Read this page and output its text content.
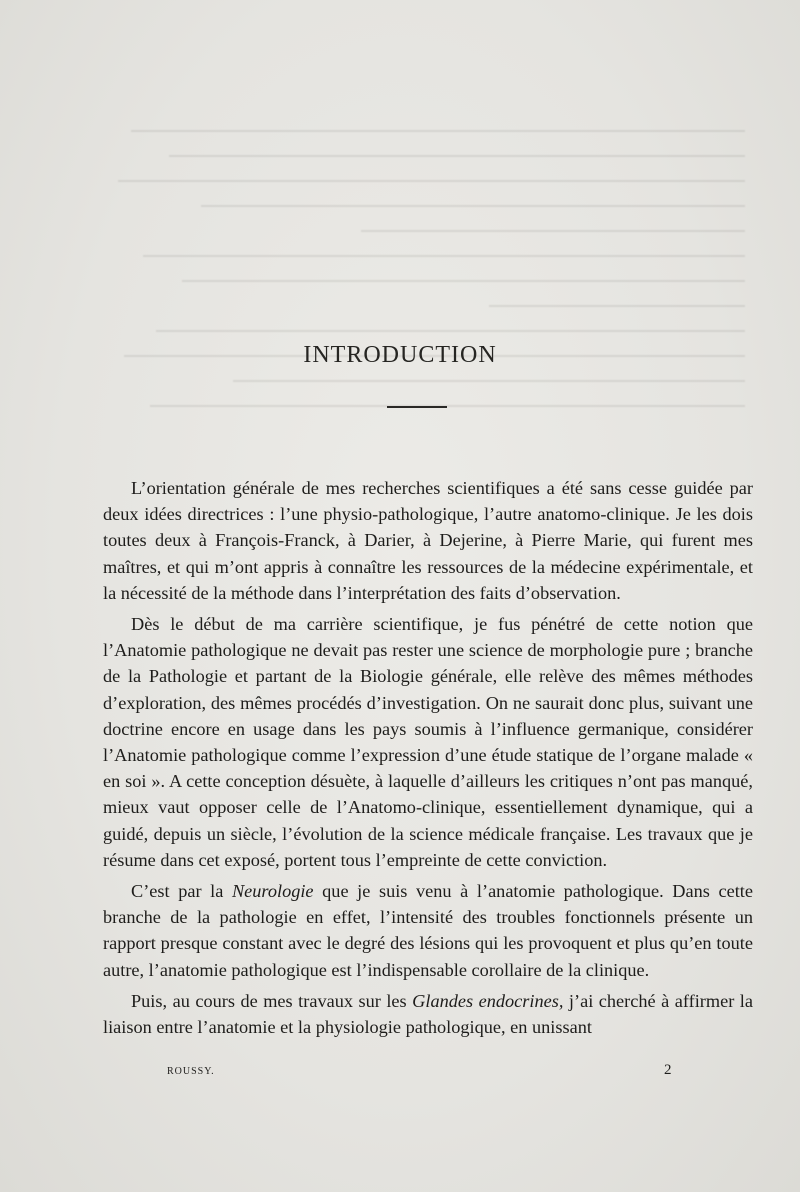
INTRODUCTION

L’orientation générale de mes recherches scientifiques a été sans cesse guidée par deux idées directrices : l’une physio-pathologique, l’autre anatomo-clinique. Je les dois toutes deux à François-Franck, à Darier, à Dejerine, à Pierre Marie, qui furent mes maîtres, et qui m’ont appris à connaître les ressources de la médecine expérimentale, et la nécessité de la méthode dans l’interprétation des faits d’observation.

Dès le début de ma carrière scientifique, je fus pénétré de cette notion que l’Anatomie pathologique ne devait pas rester une science de morphologie pure ; branche de la Pathologie et partant de la Biologie générale, elle relève des mêmes méthodes d’exploration, des mêmes procédés d’investigation. On ne saurait donc plus, suivant une doctrine encore en usage dans les pays soumis à l’influence germanique, considérer l’Anatomie pathologique comme l’expression d’une étude statique de l’organe malade « en soi ». A cette conception désuète, à laquelle d’ailleurs les critiques n’ont pas manqué, mieux vaut opposer celle de l’Anatomo-clinique, essentiellement dynamique, qui a guidé, depuis un siècle, l’évolution de la science médicale française. Les travaux que je résume dans cet exposé, portent tous l’empreinte de cette conviction.

C’est par la Neurologie que je suis venu à l’anatomie pathologique. Dans cette branche de la pathologie en effet, l’intensité des troubles fonctionnels présente un rapport presque constant avec le degré des lésions qui les provoquent et plus qu’en toute autre, l’anatomie pathologique est l’indispensable corollaire de la clinique.

Puis, au cours de mes travaux sur les Glandes endocrines, j’ai cherché à affirmer la liaison entre l’anatomie et la physiologie pathologique, en unissant

ROUSSY.	2
